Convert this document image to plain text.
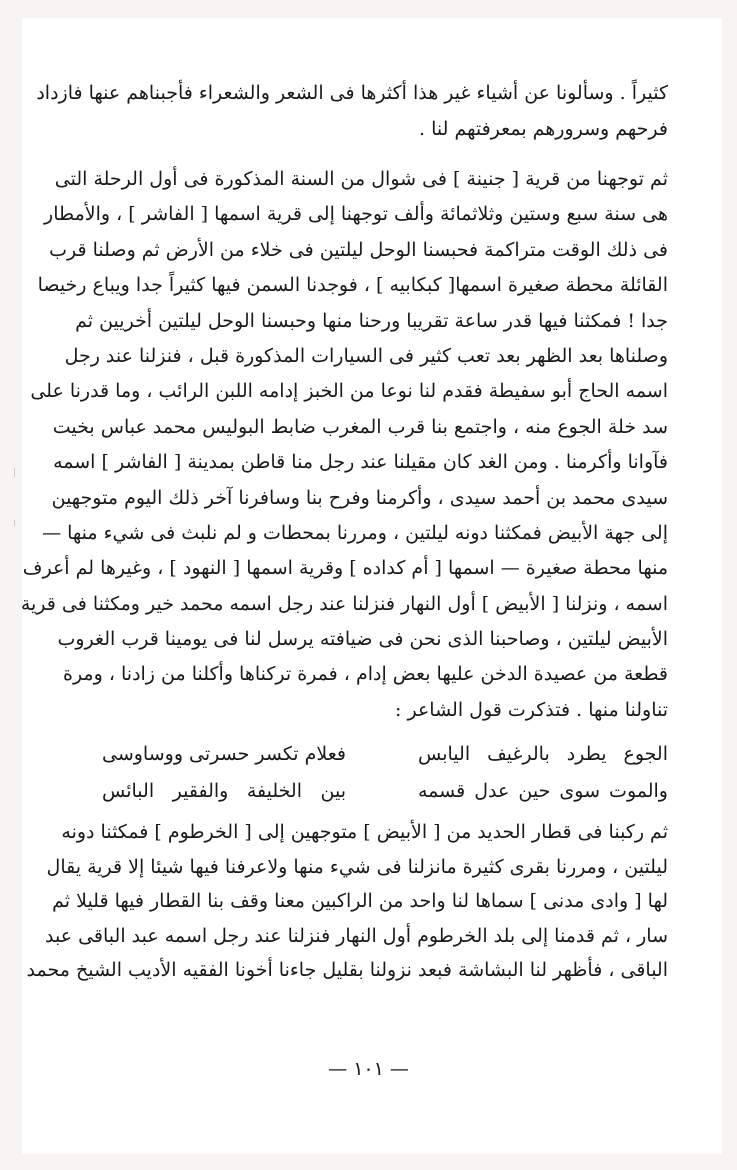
كثيراً . وسألونا عن أشياء غير هذا أكثرها فى الشعر والشعراء فأجبناهم عنها فازداد
فرحهم وسرورهم بمعرفتهم لنا .
ثم توجهنا من قرية [ جنينة ] فى شوال من السنة المذكورة فى أول الرحلة التى
هى سنة سبع وستين وثلاثمائة وألف توجهنا إلى قرية اسمها [ الفاشر ] ، والأمطار
فى ذلك الوقت متراكمة فحبسنا الوحل ليلتين فى خلاء من الأرض ثم وصلنا قرب
القائلة محطة صغيرة اسمها[ كبكابيه ] ، فوجدنا السمن فيها كثيراً جدا ويباع رخيصا
جدا ! فمكثنا فيها قدر ساعة تقريبا ورحنا منها وحبسنا الوحل ليلتين أخريين ثم
وصلناها بعد الظهر بعد تعب كثير فى السيارات المذكورة قبل ، فنزلنا عند رجل
اسمه الحاج أبو سفيطة فقدم لنا نوعا من الخبز إدامه اللبن الرائب ، وما قدرنا على
سد خلة الجوع منه ، واجتمع بنا قرب المغرب ضابط البوليس محمد عباس بخيت
فآوانا وأكرمنا . ومن الغد كان مقيلنا عند رجل منا قاطن بمدينة [ الفاشر ] اسمه
سيدى محمد بن أحمد سيدى ، وأكرمنا وفرح بنا وسافرنا آخر ذلك اليوم متوجهين
إلى جهة الأبيض فمكثنا دونه ليلتين ، ومررنا بمحطات و لم نلبث فى شيء منها —
منها محطة صغيرة — اسمها [ أم كداده ] وقرية اسمها [ النهود ] ، وغيرها لم أعرف
اسمه ، ونزلنا [ الأبيض ] أول النهار فنزلنا عند رجل اسمه محمد خير ومكثنا فى قرية
الأبيض ليلتين ، وصاحبنا الذى نحن فى ضيافته يرسل لنا فى يومينا قرب الغروب
قطعة من عصيدة الدخن عليها بعض إدام ، فمرة تركناها وأكلنا من زادنا ، ومرة
تناولنا منها . فتذكرت قول الشاعر :
الجوع يطرد بالرغيف اليابس
فعلام تكسر حسرتى ووساوسى
والموت سوى حين عدل قسمه
بين الخليفة والفقير البائس
ثم ركبنا فى قطار الحديد من [ الأبيض ] متوجهين إلى [ الخرطوم ] فمكثنا دونه
ليلتين ، ومررنا بقرى كثيرة مانزلنا فى شيء منها ولاعرفنا فيها شيئا إلا قرية يقال
لها [ وادى مدنى ] سماها لنا واحد من الراكبين معنا وقف بنا القطار فيها قليلا ثم
سار ، ثم قدمنا إلى بلد الخرطوم أول النهار فنزلنا عند رجل اسمه عبد الباقى عبد
الباقى ، فأظهر لنا البشاشة فبعد نزولنا بقليل جاءنا أخونا الفقيه الأديب الشيخ محمد
— ١٠١ —
